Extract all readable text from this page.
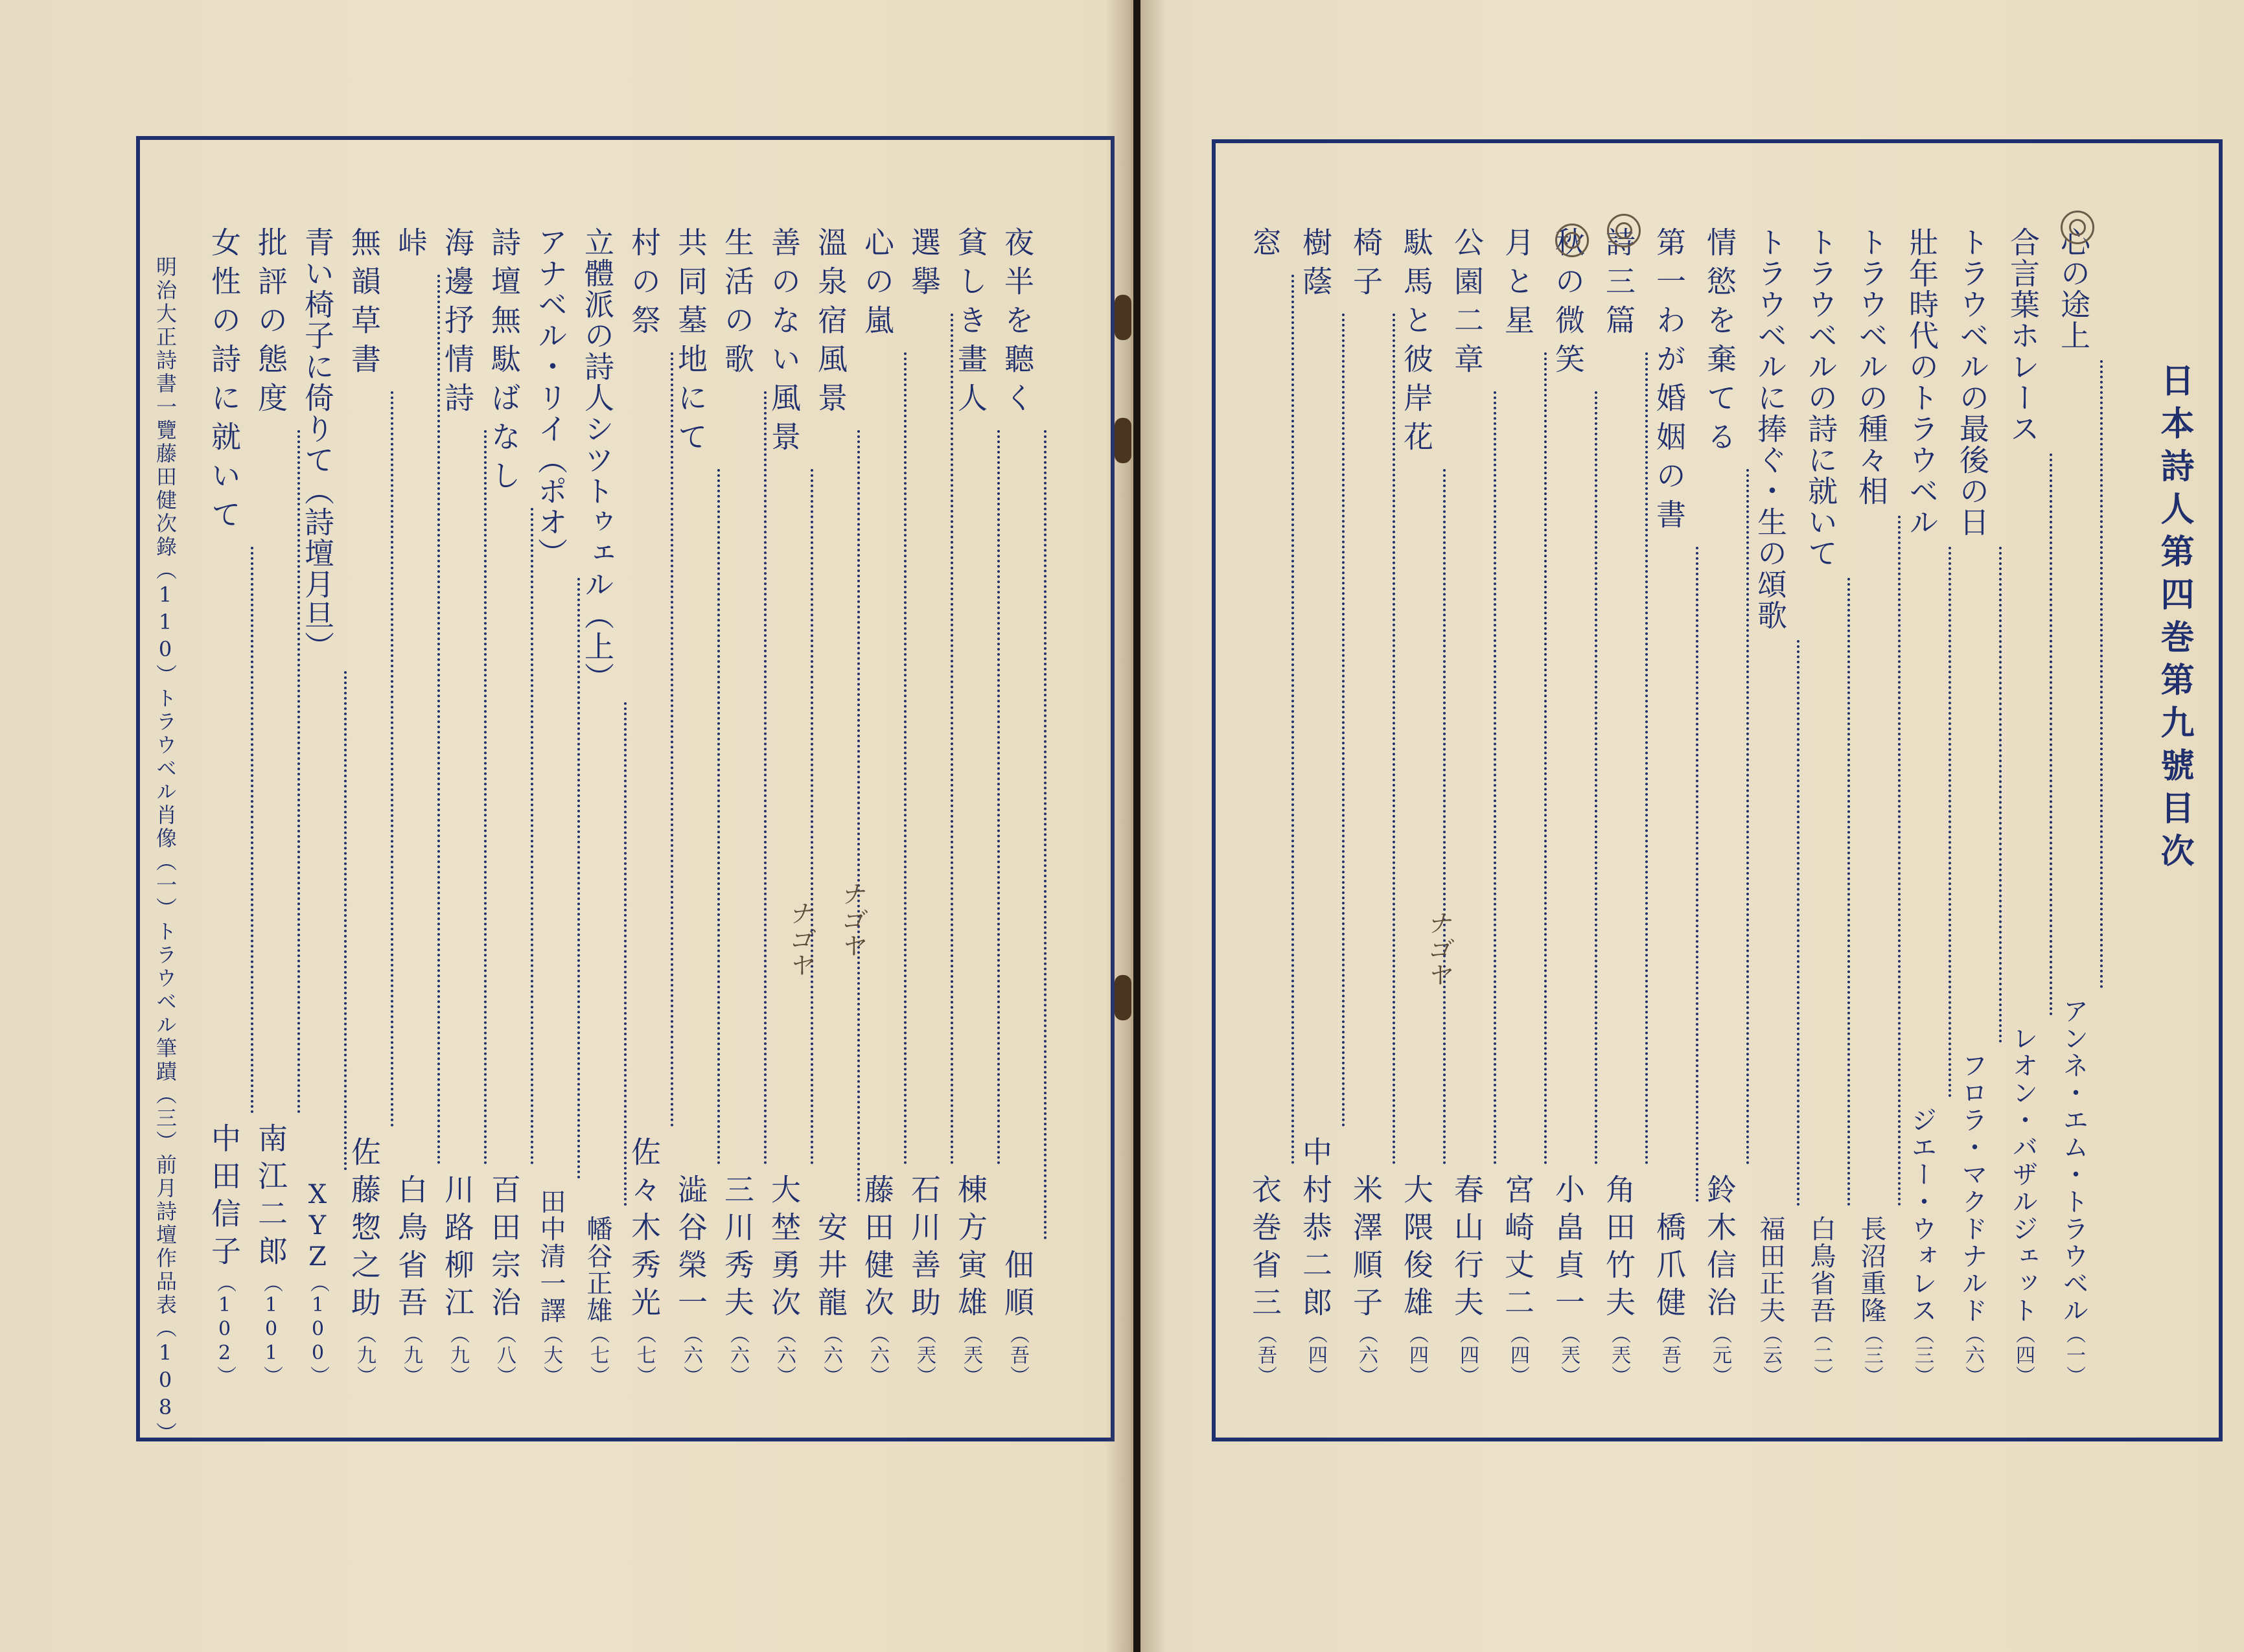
明治大正詩書一覽藤田健次錄（110）トラウベル肖像（一）トラウベル筆蹟（三）前月詩壇作品表（108）	夜半を聽く
佃順
（吾）
貧しき畫人
棟方寅雄
（兲）
選擧
石川善助
（兲）
心の嵐
藤田健次
（六）
溫泉宿風景
安井龍
（六）
善のない風景
大埜勇次
（六）
生活の歌
三川秀夫
（六）
共同墓地にて
澁谷榮一
（六）
村の祭
佐々木秀光
（七）
立體派の詩人シツトゥェル（上）
幡谷正雄
（七）
アナベル・リイ（ポオ）
田中清一譯
（大）
詩壇無駄ばなし
百田宗治
（八）
海邊抒情詩
川路柳江
（九）
峠
白鳥省吾
（九）
無韻草書
佐藤惣之助
（九）
青い椅子に倚りて（詩壇月旦）
XYZ
（100）
批評の態度
南江二郎
（101）
女性の詩に就いて
中田信子
（102）
ナゴヤ ナゴヤ
日本詩人第四巻第九號目次
心の途上
アンネ・エム・トラウベル
（一）
合言葉ホレース
レオン・バザルジェット
（四）
トラウベルの最後の日
フロラ・マクドナルド
（六）
壯年時代のトラウベル
ジエー・ウォレス
（三）
トラウベルの種々相
長沼重隆
（三）
トラウベルの詩に就いて
白鳥省吾
（二）
トラウベルに捧ぐ・生の頌歌
福田正夫
（云）
情慾を棄てる
鈴木信治
（元）
第一わが婚姻の書
橋爪健
（吾）
詩三篇
角田竹夫
（兲）
秋の微笑
小畠貞一
（兲）
月と星
宮崎丈二
（四）
公園二章
春山行夫
（四）
駄馬と彼岸花
大隈俊雄
（四）
椅子
米澤順子
（六）
樹蔭
中村恭二郎
（四）
窓
衣巻省三
（吾）
ナゴヤ
